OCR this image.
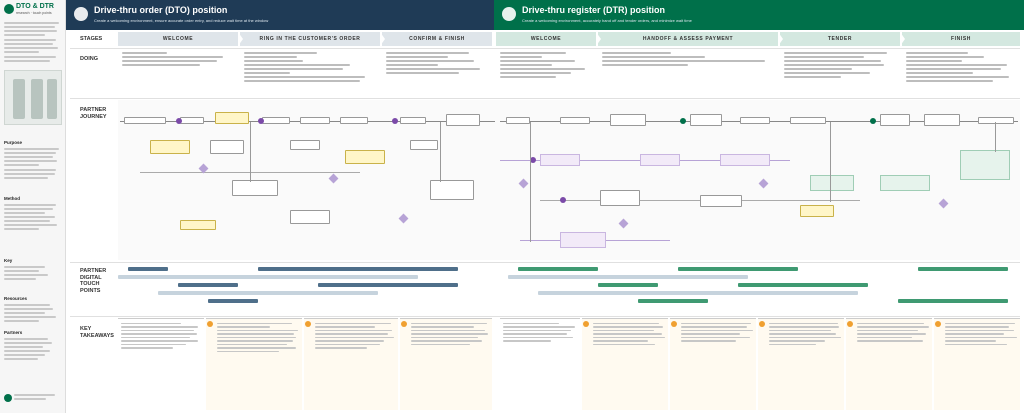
DTO & DTR
research · touch points
Purpose
Method
Key
Resources
Partners
Drive-thru order (DTO) position
Create a welcoming environment, ensure accurate order entry, and reduce wait time at the window
Drive-thru register (DTR) position
Create a welcoming environment, accurately hand off and tender orders, and minimize wait time
STAGES
DOING
PARTNER
JOURNEY
PARTNER
DIGITAL
TOUCH
POINTS
KEY
TAKEAWAYS
WELCOME	RING IN THE CUSTOMER'S ORDER	CONFIRM & FINISH	WELCOME	HANDOFF & ASSESS PAYMENT	TENDER	FINISH
